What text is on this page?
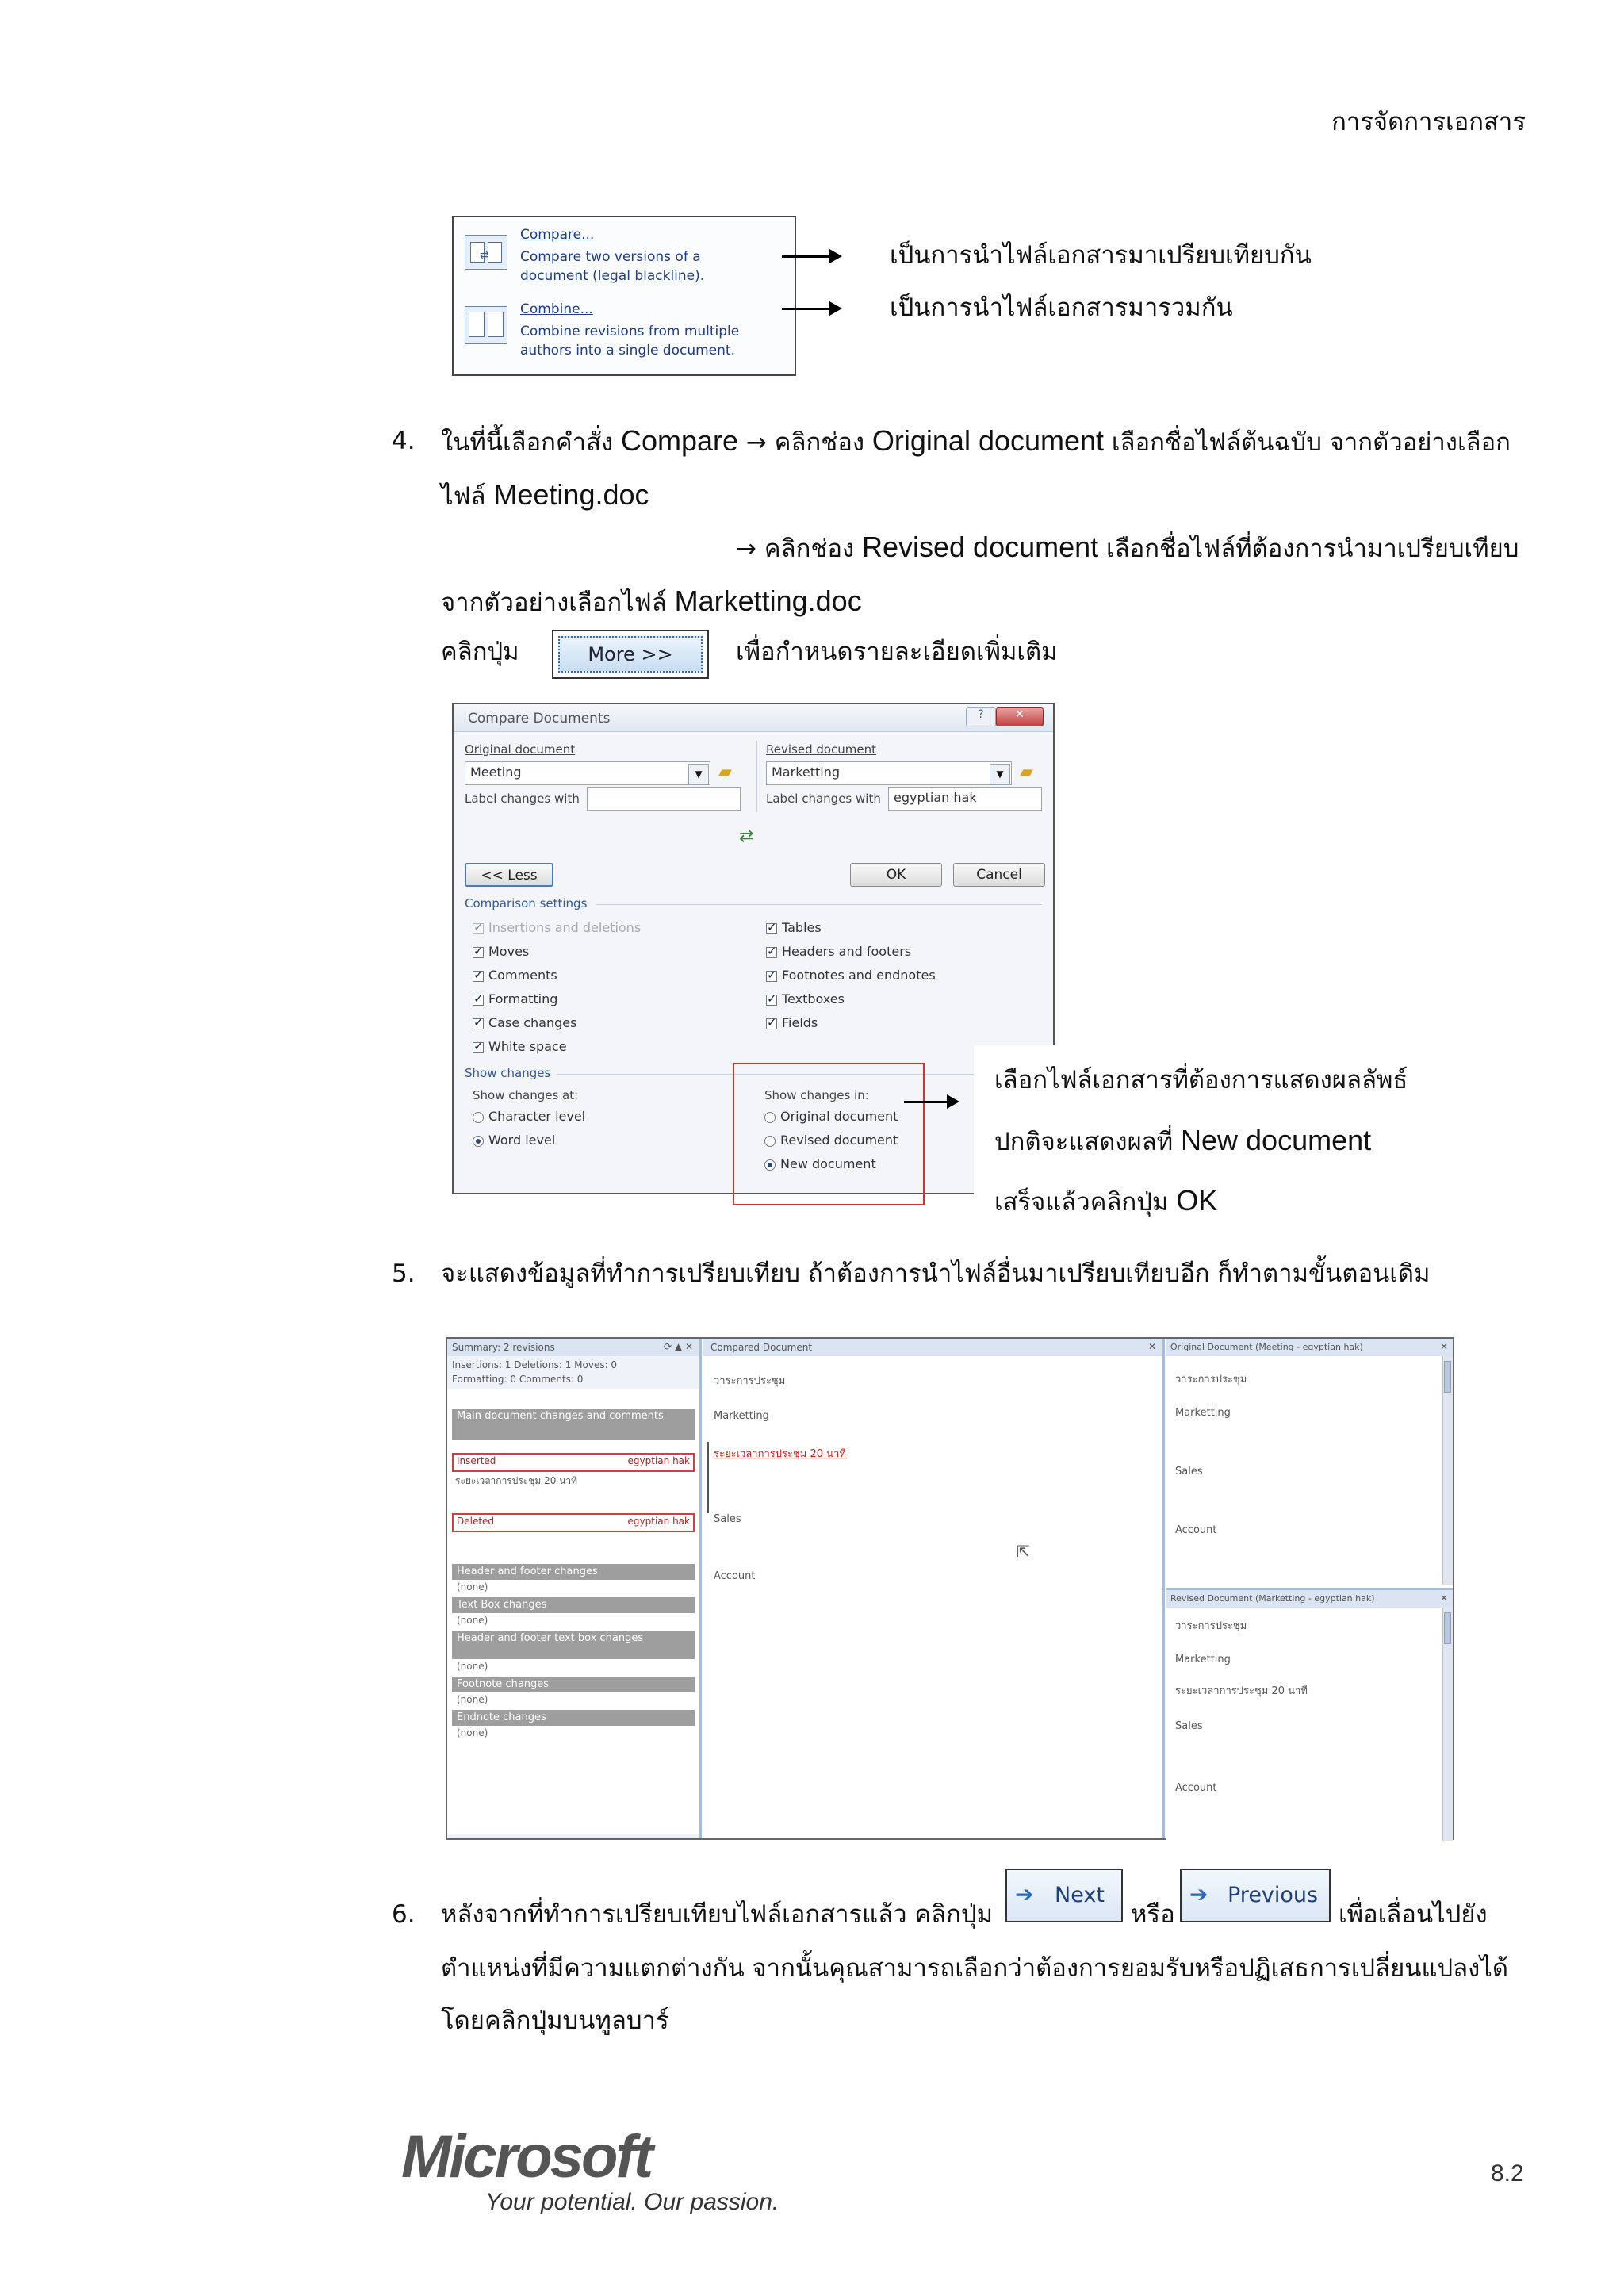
การจัดการเอกสาร
⇄
Compare...
Compare two versions of a
document (legal blackline).
Combine...
Combine revisions from multiple
authors into a single document.
เป็นการนำไฟล์เอกสารมาเปรียบเทียบกัน
เป็นการนำไฟล์เอกสารมารวมกัน
4. ในที่นี้เลือกคำสั่ง Compare → คลิกช่อง Original document เลือกชื่อไฟล์ต้นฉบับ จากตัวอย่างเลือก
ไฟล์ Meeting.doc
→ คลิกช่อง Revised document เลือกชื่อไฟล์ที่ต้องการนำมาเปรียบเทียบ
จากตัวอย่างเลือกไฟล์ Marketting.doc
คลิกปุ่ม	More >>	เพื่อกำหนดรายละเอียดเพิ่มเติม
Compare Documents	?	✕
Original document
Meeting	▼ ▰
Label changes with
Revised document
Marketting	▼ ▰
Label changes with	egyptian hak
⇄
<< Less	OK	Cancel
Comparison settings
✓Insertions and deletions
✓Moves
✓Comments
✓Formatting
✓Case changes
✓White space
✓Tables
✓Headers and footers
✓Footnotes and endnotes
✓Textboxes
✓Fields
Show changes
Show changes at:
Character level
Word level
Show changes in:
Original document
Revised document
New document
เลือกไฟล์เอกสารที่ต้องการแสดงผลลัพธ์
ปกติจะแสดงผลที่ New document
เสร็จแล้วคลิกปุ่ม OK
5. จะแสดงข้อมูลที่ทำการเปรียบเทียบ ถ้าต้องการนำไฟล์อื่นมาเปรียบเทียบอีก ก็ทำตามขั้นตอนเดิม
Summary: 2 revisions	⟳ ▲ ✕
Insertions: 1 Deletions: 1 Moves: 0
Formatting: 0 Comments: 0
Main document changes and comments
Inserted	egyptian hak
ระยะเวลาการประชุม 20 นาที
Deleted	egyptian hak
Header and footer changes
(none)
Text Box changes
(none)
Header and footer text box changes
(none)
Footnote changes
(none)
Endnote changes
(none)
Compared Document	✕
วาระการประชุม
Marketting
ระยะเวลาการประชุม 20 นาที
Sales
Account
⇱
Original Document (Meeting - egyptian hak)	✕
วาระการประชุม
Marketting
Sales
Account
Revised Document (Marketting - egyptian hak)	✕
วาระการประชุม
Marketting
ระยะเวลาการประชุม 20 นาที
Sales
Account
6. หลังจากที่ทำการเปรียบเทียบไฟล์เอกสารแล้ว คลิกปุ่ม
➔ Next
หรือ
➔ Previous
เพื่อเลื่อนไปยัง
ตำแหน่งที่มีความแตกต่างกัน จากนั้นคุณสามารถเลือกว่าต้องการยอมรับหรือปฏิเสธการเปลี่ยนแปลงได้
โดยคลิกปุ่มบนทูลบาร์
Microsoft
Your potential. Our passion.
8.2
